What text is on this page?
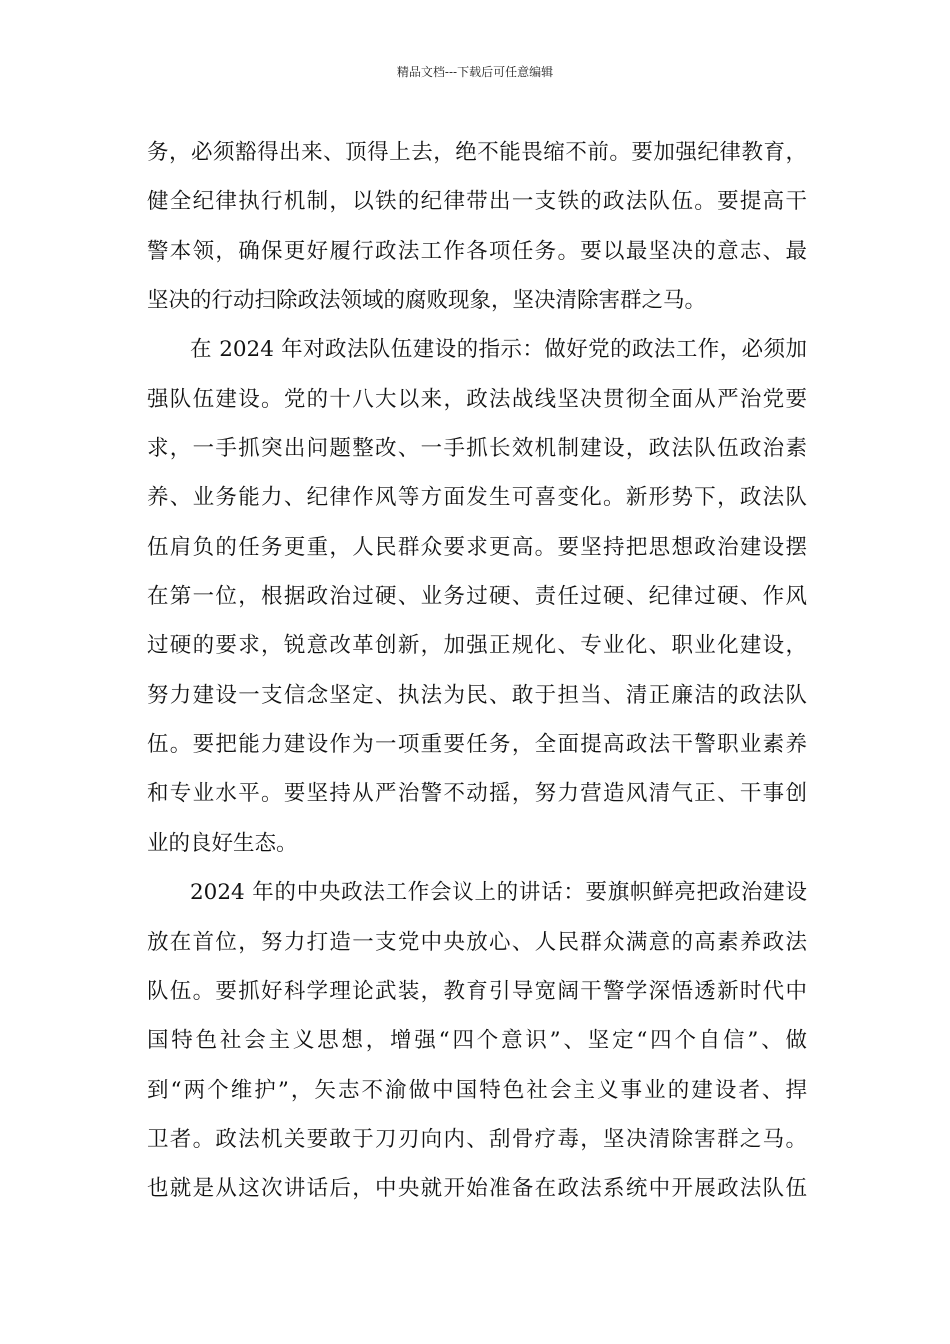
精品文档---下载后可任意编辑
务，必须豁得出来、顶得上去，绝不能畏缩不前。要加强纪律教育，
健全纪律执行机制，以铁的纪律带出一支铁的政法队伍。要提高干
警本领，确保更好履行政法工作各项任务。要以最坚决的意志、最
坚决的行动扫除政法领域的腐败现象，坚决清除害群之马。
在 2024 年对政法队伍建设的指示：做好党的政法工作，必须加
强队伍建设。党的十八大以来，政法战线坚决贯彻全面从严治党要
求，一手抓突出问题整改、一手抓长效机制建设，政法队伍政治素
养、业务能力、纪律作风等方面发生可喜变化。新形势下，政法队
伍肩负的任务更重，人民群众要求更高。要坚持把思想政治建设摆
在第一位，根据政治过硬、业务过硬、责任过硬、纪律过硬、作风
过硬的要求，锐意改革创新，加强正规化、专业化、职业化建设，
努力建设一支信念坚定、执法为民、敢于担当、清正廉洁的政法队
伍。要把能力建设作为一项重要任务，全面提高政法干警职业素养
和专业水平。要坚持从严治警不动摇，努力营造风清气正、干事创
业的良好生态。
2024 年的中央政法工作会议上的讲话：要旗帜鲜亮把政治建设
放在首位，努力打造一支党中央放心、人民群众满意的高素养政法
队伍。要抓好科学理论武装，教育引导宽阔干警学深悟透新时代中
国特色社会主义思想，增强“四个意识”、坚定“四个自信”、做
到“两个维护”，矢志不渝做中国特色社会主义事业的建设者、捍
卫者。政法机关要敢于刀刃向内、刮骨疗毒，坚决清除害群之马。
也就是从这次讲话后，中央就开始准备在政法系统中开展政法队伍
